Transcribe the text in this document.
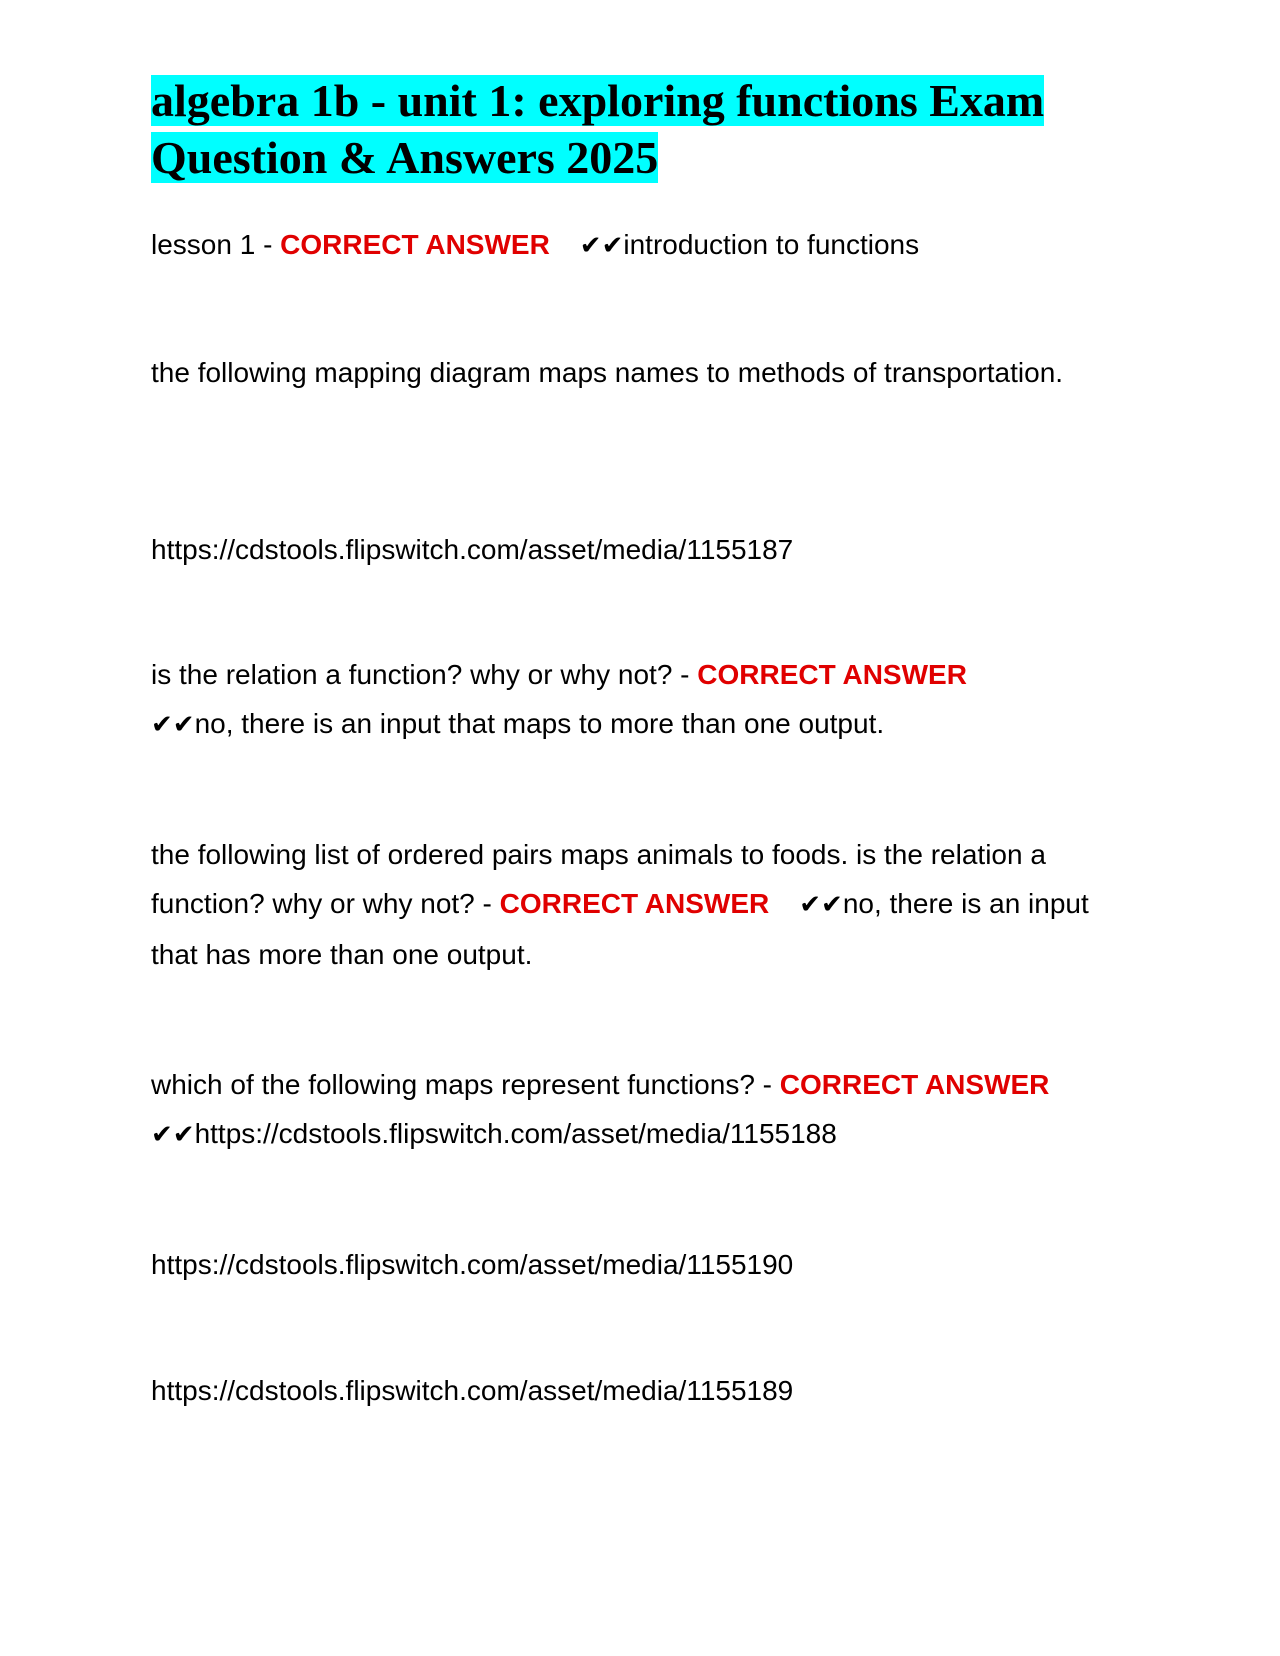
algebra 1b - unit 1: exploring functions Exam Question & Answers 2025

lesson 1 - CORRECT ANSWER ✔✔introduction to functions

the following mapping diagram maps names to methods of transportation.

https://cdstools.flipswitch.com/asset/media/1155187

is the relation a function? why or why not? - CORRECT ANSWER
✔✔no, there is an input that maps to more than one output.

the following list of ordered pairs maps animals to foods. is the relation a function? why or why not? - CORRECT ANSWER ✔✔no, there is an input that has more than one output.

which of the following maps represent functions? - CORRECT ANSWER
✔✔https://cdstools.flipswitch.com/asset/media/1155188

https://cdstools.flipswitch.com/asset/media/1155190

https://cdstools.flipswitch.com/asset/media/1155189
